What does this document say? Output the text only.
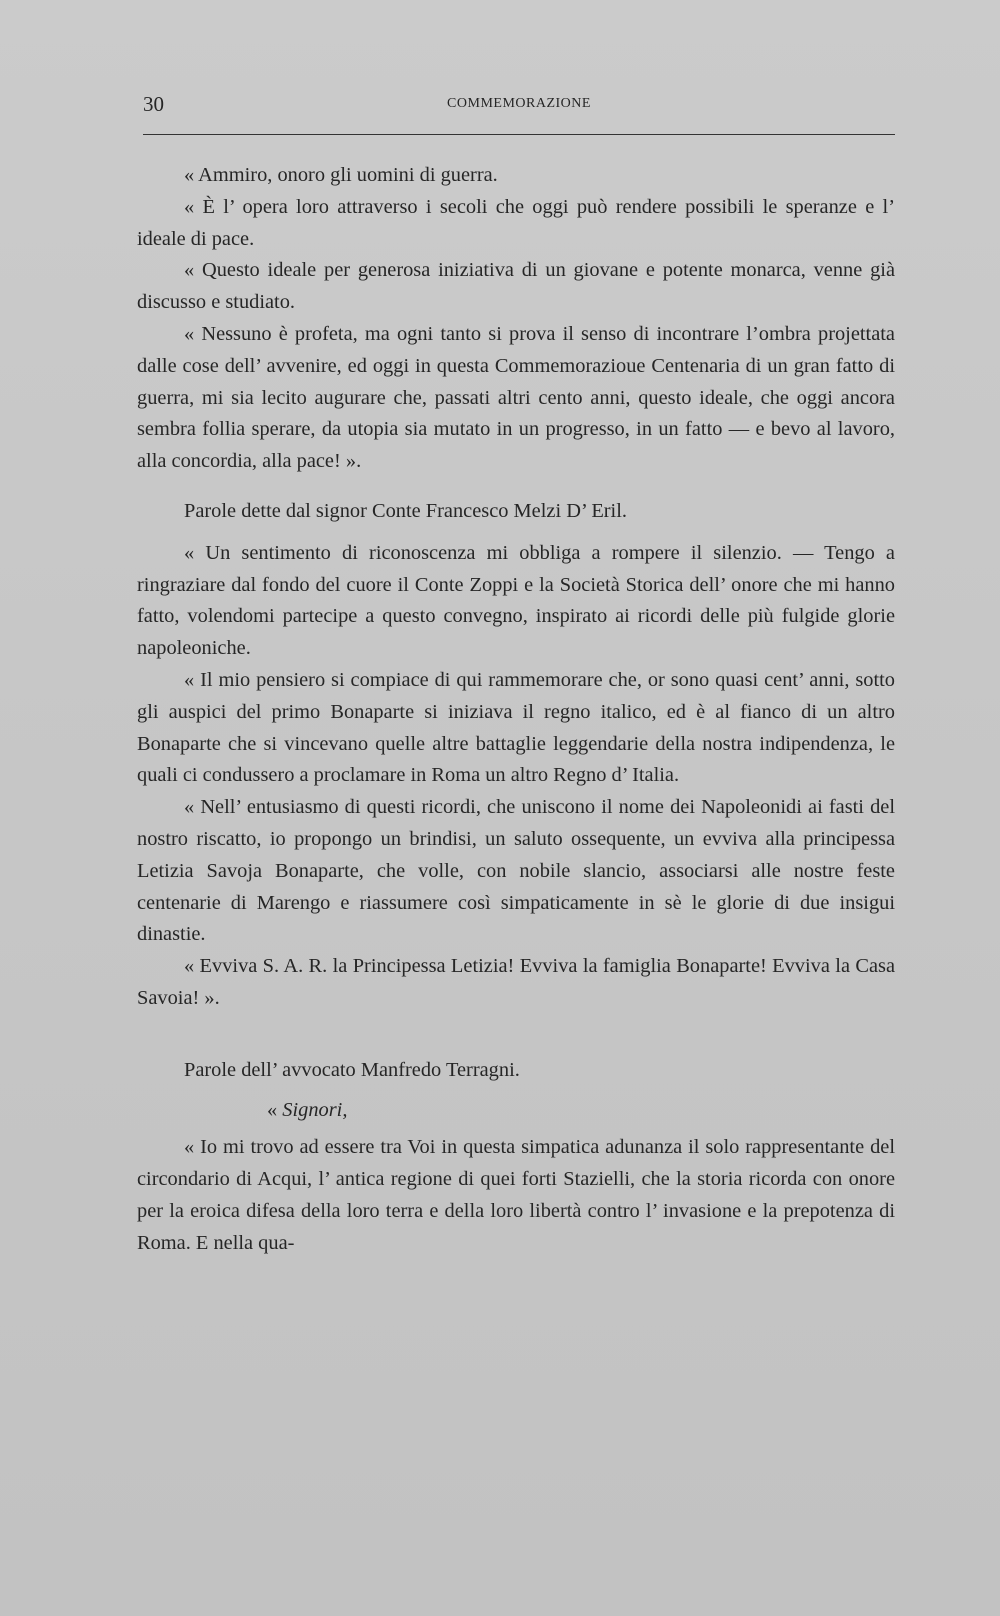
30	COMMEMORAZIONE

« Ammiro, onoro gli uomini di guerra.

« È l’ opera loro attraverso i secoli che oggi può rendere possibili le speranze e l’ ideale di pace.

« Questo ideale per generosa iniziativa di un giovane e potente monarca, venne già discusso e studiato.

« Nessuno è profeta, ma ogni tanto si prova il senso di incontrare l’ombra projettata dalle cose dell’ avvenire, ed oggi in questa Commemorazioue Centenaria di un gran fatto di guerra, mi sia lecito augurare che, passati altri cento anni, questo ideale, che oggi ancora sembra follia sperare, da utopia sia mutato in un progresso, in un fatto — e bevo al lavoro, alla concordia, alla pace! ».

Parole dette dal signor Conte Francesco Melzi D’ Eril.

« Un sentimento di riconoscenza mi obbliga a rompere il silenzio. — Tengo a ringraziare dal fondo del cuore il Conte Zoppi e la Società Storica dell’ onore che mi hanno fatto, volendomi partecipe a questo convegno, inspirato ai ricordi delle più fulgide glorie napoleoniche.

« Il mio pensiero si compiace di qui rammemorare che, or sono quasi cent’ anni, sotto gli auspici del primo Bonaparte si iniziava il regno italico, ed è al fianco di un altro Bonaparte che si vincevano quelle altre battaglie leggendarie della nostra indipendenza, le quali ci condussero a proclamare in Roma un altro Regno d’ Italia.

« Nell’ entusiasmo di questi ricordi, che uniscono il nome dei Napoleonidi ai fasti del nostro riscatto, io propongo un brindisi, un saluto ossequente, un evviva alla principessa Letizia Savoja Bonaparte, che volle, con nobile slancio, associarsi alle nostre feste centenarie di Marengo e riassumere così simpaticamente in sè le glorie di due insigui dinastie.

« Evviva S. A. R. la Principessa Letizia! Evviva la famiglia Bonaparte! Evviva la Casa Savoia! ».

Parole dell’ avvocato Manfredo Terragni.

« Signori,

« Io mi trovo ad essere tra Voi in questa simpatica adunanza il solo rappresentante del circondario di Acqui, l’ antica regione di quei forti Stazielli, che la storia ricorda con onore per la eroica difesa della loro terra e della loro libertà contro l’ invasione e la prepotenza di Roma. E nella qua-
